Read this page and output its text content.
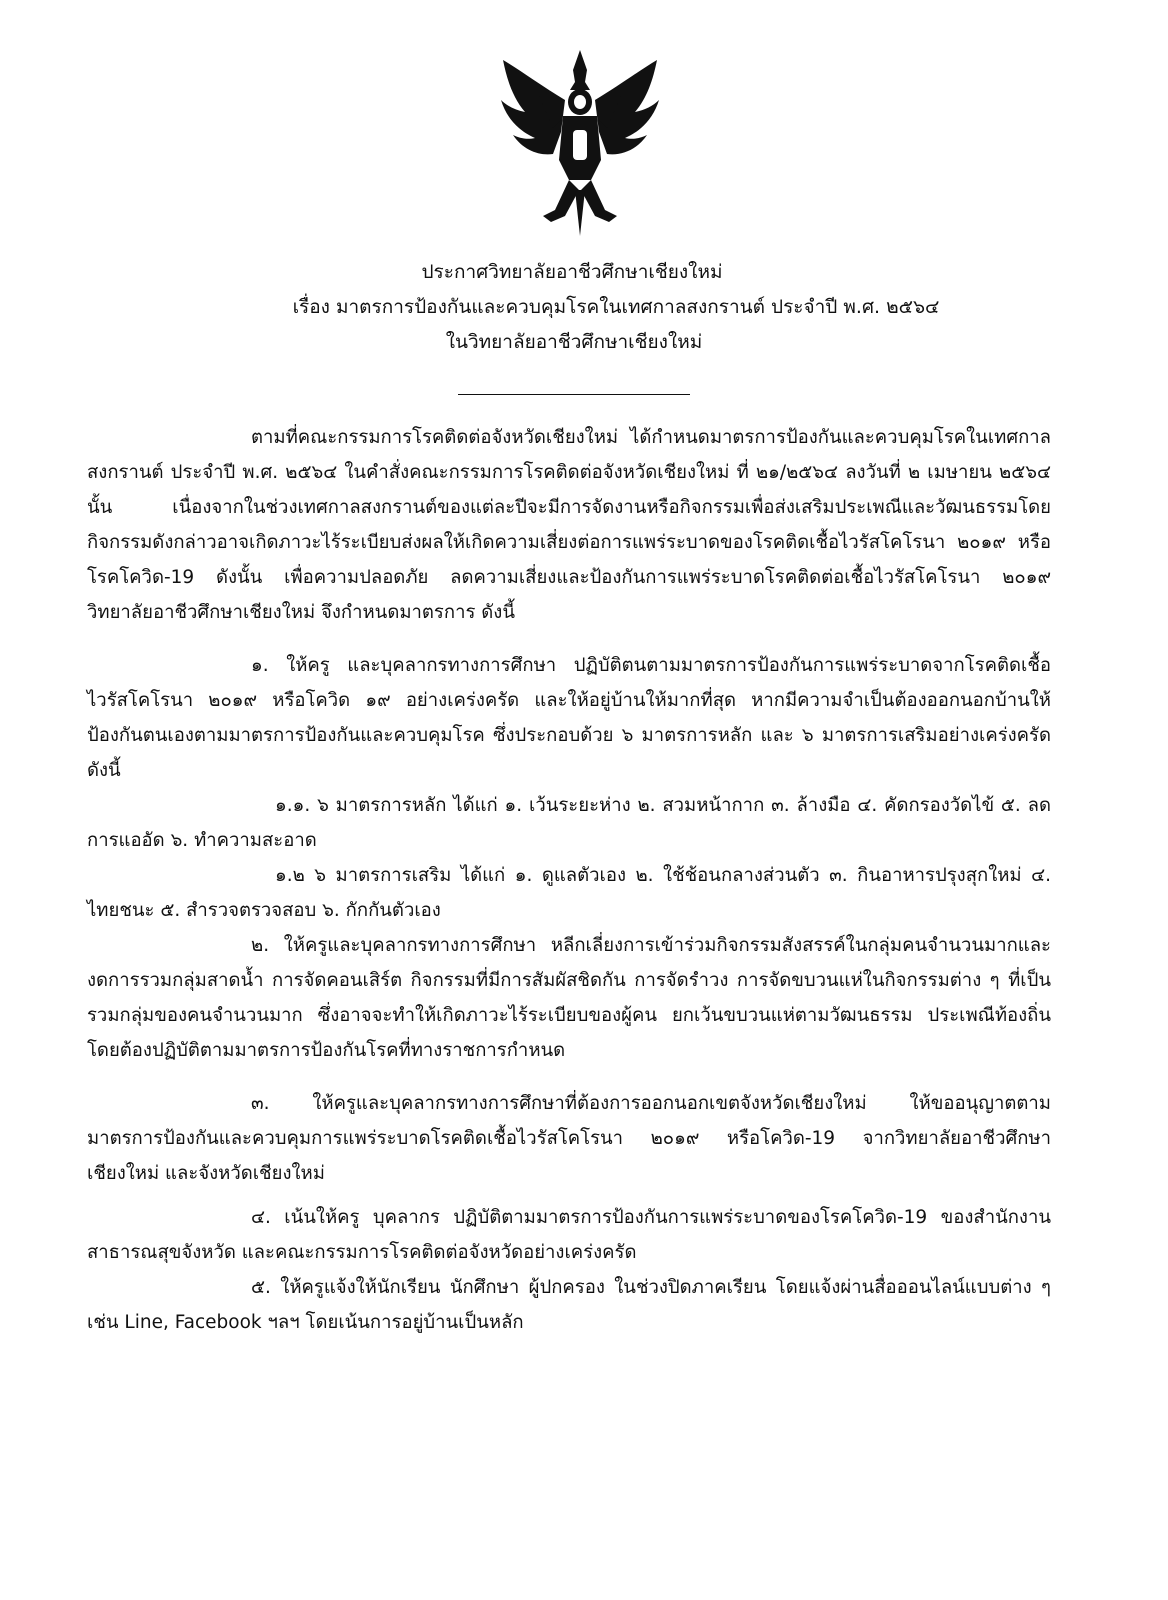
ประกาศวิทยาลัยอาชีวศึกษาเชียงใหม่
เรื่อง มาตรการป้องกันและควบคุมโรคในเทศกาลสงกรานต์ ประจำปี พ.ศ. ๒๕๖๔
ในวิทยาลัยอาชีวศึกษาเชียงใหม่

ตามที่คณะกรรมการโรคติดต่อจังหวัดเชียงใหม่ ได้กำหนดมาตรการป้องกันและควบคุมโรคในเทศกาลสงกรานต์ ประจำปี พ.ศ. ๒๕๖๔ ในคำสั่งคณะกรรมการโรคติดต่อจังหวัดเชียงใหม่ ที่ ๒๑/๒๕๖๔ ลงวันที่ ๒ เมษายน ๒๕๖๔ นั้น เนื่องจากในช่วงเทศกาลสงกรานต์ของแต่ละปีจะมีการจัดงานหรือกิจกรรมเพื่อส่งเสริมประเพณีและวัฒนธรรมโดยกิจกรรมดังกล่าวอาจเกิดภาวะไร้ระเบียบส่งผลให้เกิดความเสี่ยงต่อการแพร่ระบาดของโรคติดเชื้อไวรัสโคโรนา ๒๐๑๙ หรือโรคโควิด-19 ดังนั้น เพื่อความปลอดภัย ลดความเสี่ยงและป้องกันการแพร่ระบาดโรคติดต่อเชื้อไวรัสโคโรนา ๒๐๑๙ วิทยาลัยอาชีวศึกษาเชียงใหม่ จึงกำหนดมาตรการ ดังนี้

๑. ให้ครู และบุคลากรทางการศึกษา ปฏิบัติตนตามมาตรการป้องกันการแพร่ระบาดจากโรคติดเชื้อไวรัสโคโรนา ๒๐๑๙ หรือโควิด ๑๙ อย่างเคร่งครัด และให้อยู่บ้านให้มากที่สุด หากมีความจำเป็นต้องออกนอกบ้านให้ป้องกันตนเองตามมาตรการป้องกันและควบคุมโรค ซึ่งประกอบด้วย ๖ มาตรการหลัก และ ๖ มาตรการเสริมอย่างเคร่งครัด ดังนี้

๑.๑. ๖ มาตรการหลัก ได้แก่ ๑. เว้นระยะห่าง ๒. สวมหน้ากาก ๓. ล้างมือ ๔. คัดกรองวัดไข้ ๕. ลดการแออัด ๖. ทำความสะอาด

๑.๒ ๖ มาตรการเสริม ได้แก่ ๑. ดูแลตัวเอง ๒. ใช้ช้อนกลางส่วนตัว ๓. กินอาหารปรุงสุกใหม่ ๔. ไทยชนะ ๕. สำรวจตรวจสอบ ๖. กักกันตัวเอง

๒. ให้ครูและบุคลากรทางการศึกษา หลีกเลี่ยงการเข้าร่วมกิจกรรมสังสรรค์ในกลุ่มคนจำนวนมากและงดการรวมกลุ่มสาดน้ำ การจัดคอนเสิร์ต กิจกรรมที่มีการสัมผัสชิดกัน การจัดรำวง การจัดขบวนแห่ในกิจกรรมต่าง ๆ ที่เป็นรวมกลุ่มของคนจำนวนมาก ซึ่งอาจจะทำให้เกิดภาวะไร้ระเบียบของผู้คน ยกเว้นขบวนแห่ตามวัฒนธรรม ประเพณีท้องถิ่น โดยต้องปฏิบัติตามมาตรการป้องกันโรคที่ทางราชการกำหนด

๓. ให้ครูและบุคลากรทางการศึกษาที่ต้องการออกนอกเขตจังหวัดเชียงใหม่ ให้ขออนุญาตตามมาตรการป้องกันและควบคุมการแพร่ระบาดโรคติดเชื้อไวรัสโคโรนา ๒๐๑๙ หรือโควิด-19 จากวิทยาลัยอาชีวศึกษาเชียงใหม่ และจังหวัดเชียงใหม่

๔. เน้นให้ครู บุคลากร ปฏิบัติตามมาตรการป้องกันการแพร่ระบาดของโรคโควิด-19 ของสำนักงานสาธารณสุขจังหวัด และคณะกรรมการโรคติดต่อจังหวัดอย่างเคร่งครัด

๕. ให้ครูแจ้งให้นักเรียน นักศึกษา ผู้ปกครอง ในช่วงปิดภาคเรียน โดยแจ้งผ่านสื่อออนไลน์แบบต่าง ๆ เช่น Line, Facebook ฯลฯ โดยเน้นการอยู่บ้านเป็นหลัก
